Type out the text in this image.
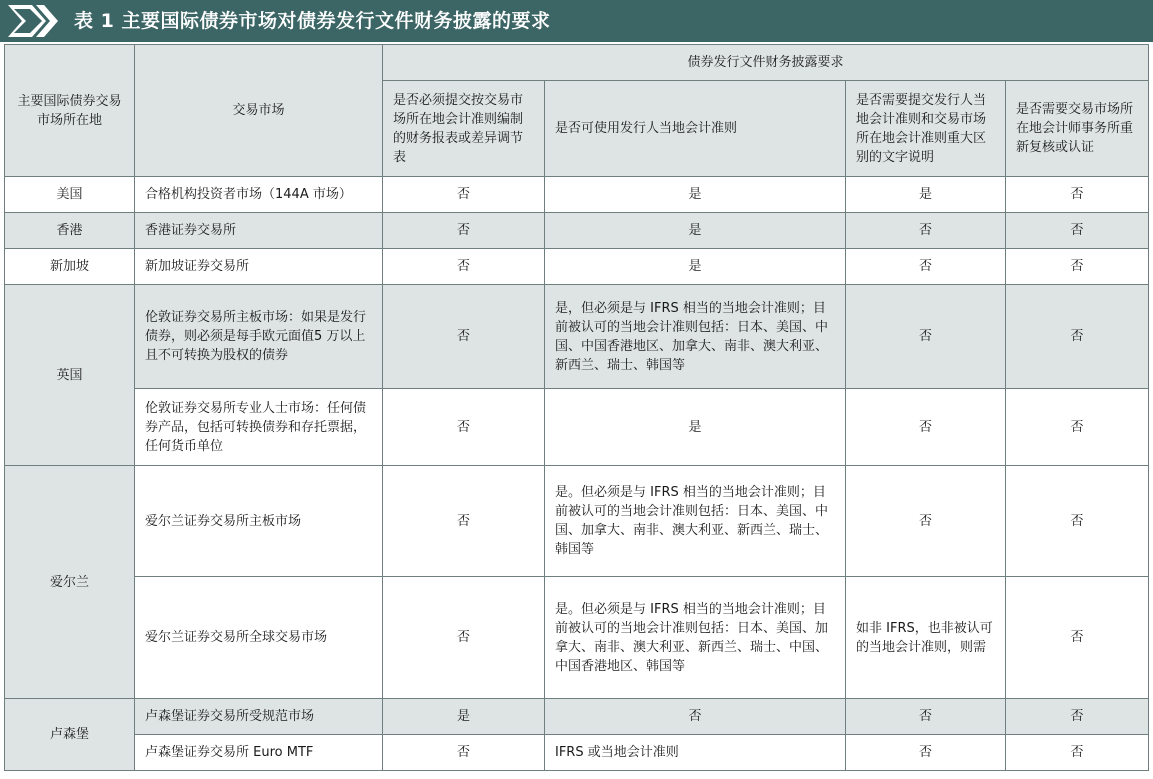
表 1 主要国际债券市场对债券发行文件财务披露的要求
主要国际债券交易市场所在地	交易市场	债券发行文件财务披露要求			
		是否必须提交按交易市场所在地会计准则编制的财务报表或差异调节表	是否可使用发行人当地会计准则	是否需要提交发行人当地会计准则和交易市场所在地会计准则重大区别的文字说明	是否需要交易市场所在地会计师事务所重新复核或认证
美国	合格机构投资者市场（144A 市场）	否	是	是	否
香港	香港证券交易所	否	是	否	否
新加坡	新加坡证券交易所	否	是	否	否
英国	伦敦证券交易所主板市场：如果是发行债券，则必须是每手欧元面值5 万以上且不可转换为股权的债券	否	是，但必须是与 IFRS 相当的当地会计准则；目前被认可的当地会计准则包括：日本、美国、中国、中国香港地区、加拿大、南非、澳大利亚、新西兰、瑞士、韩国等	否	否
	伦敦证券交易所专业人士市场：任何债券产品，包括可转换债券和存托票据，任何货币单位	否	是	否	否
爱尔兰	爱尔兰证券交易所主板市场	否	是。但必须是与 IFRS 相当的当地会计准则；目前被认可的当地会计准则包括：日本、美国、中国、加拿大、南非、澳大利亚、新西兰、瑞士、韩国等	否	否
	爱尔兰证券交易所全球交易市场	否	是。但必须是与 IFRS 相当的当地会计准则；目前被认可的当地会计准则包括：日本、美国、加拿大、南非、澳大利亚、新西兰、瑞士、中国、中国香港地区、韩国等	如非 IFRS，也非被认可的当地会计准则，则需	否
卢森堡	卢森堡证券交易所受规范市场	是	否	否	否
	卢森堡证券交易所 Euro MTF	否	IFRS 或当地会计准则	否	否
